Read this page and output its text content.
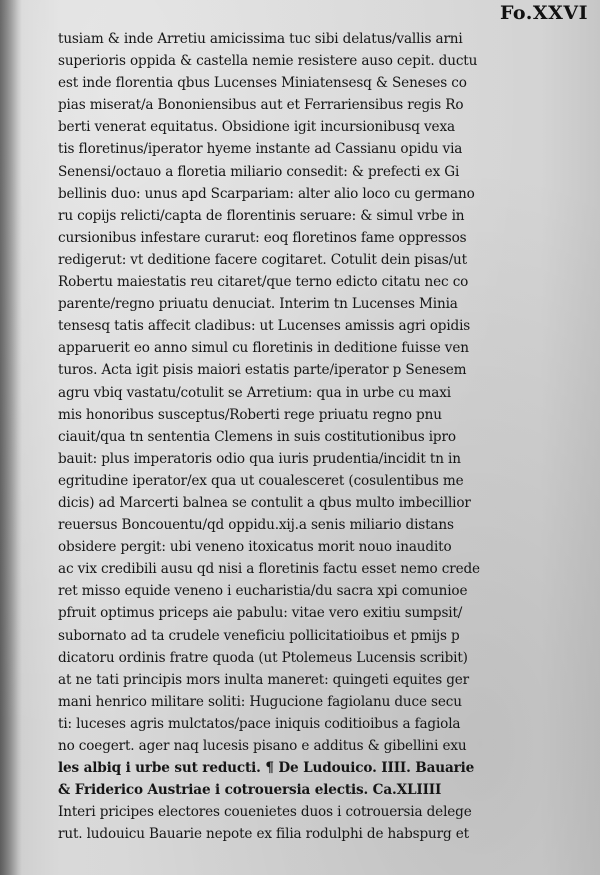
Fo.XXVI
tusiam & inde Arretiu amicissima tuc sibi delatus/vallis arni
superioris oppida & castella nemie resistere auso cepit. ductu
est inde florentia qbus Lucenses Miniatensesq & Seneses co
pias miserat/a Bononiensibus aut et Ferrariensibus regis Ro
berti venerat equitatus. Obsidione igit incursionibusq vexa
tis floretinus/iperator hyeme instante ad Cassianu opidu via
Senensi/octauo a floretia miliario consedit: & prefecti ex Gi
bellinis duo: unus apd Scarpariam: alter alio loco cu germano
ru copijs relicti/capta de florentinis seruare: & simul vrbe in
cursionibus infestare curarut: eoq floretinos fame oppressos
redigerut: vt deditione facere cogitaret. Cotulit dein pisas/ut
Robertu maiestatis reu citaret/que terno edicto citatu nec co
parente/regno priuatu denuciat. Interim tn Lucenses Minia
tensesq tatis affecit cladibus: ut Lucenses amissis agri opidis
apparuerit eo anno simul cu floretinis in deditione fuisse ven
turos. Acta igit pisis maiori estatis parte/iperator p Senesem
agru vbiq vastatu/cotulit se Arretium: qua in urbe cu maxi
mis honoribus susceptus/Roberti rege priuatu regno pnu
ciauit/qua tn sententia Clemens in suis costitutionibus ipro
bauit: plus imperatoris odio qua iuris prudentia/incidit tn in
egritudine iperator/ex qua ut coualesceret (cosulentibus me
dicis) ad Marcerti balnea se contulit a qbus multo imbecillior
reuersus Boncouentu/qd oppidu.xij.a senis miliario distans
obsidere pergit: ubi veneno itoxicatus morit nouo inaudito
ac vix credibili ausu qd nisi a floretinis factu esset nemo crede
ret misso equide veneno i eucharistia/du sacra xpi comunioe
pfruit optimus priceps aie pabulu: vitae vero exitiu sumpsit/
subornato ad ta crudele veneficiu pollicitatioibus et pmijs p
dicatoru ordinis fratre quoda (ut Ptolemeus Lucensis scribit)
at ne tati principis mors inulta maneret: quingeti equites ger
mani henrico militare soliti: Hugucione fagiolanu duce secu
ti: luceses agris mulctatos/pace iniquis coditioibus a fagiola
no coegert. ager naq lucesis pisano e additus & gibellini exu
les albiq i urbe sut reducti. ¶ De Ludouico. IIII. Bauarie
& Friderico Austriae i cotrouersia electis. Ca.XLIIII
Interi pricipes electores couenietes duos i cotrouersia delege
rut. ludouicu Bauarie nepote ex filia rodulphi de habspurg et
